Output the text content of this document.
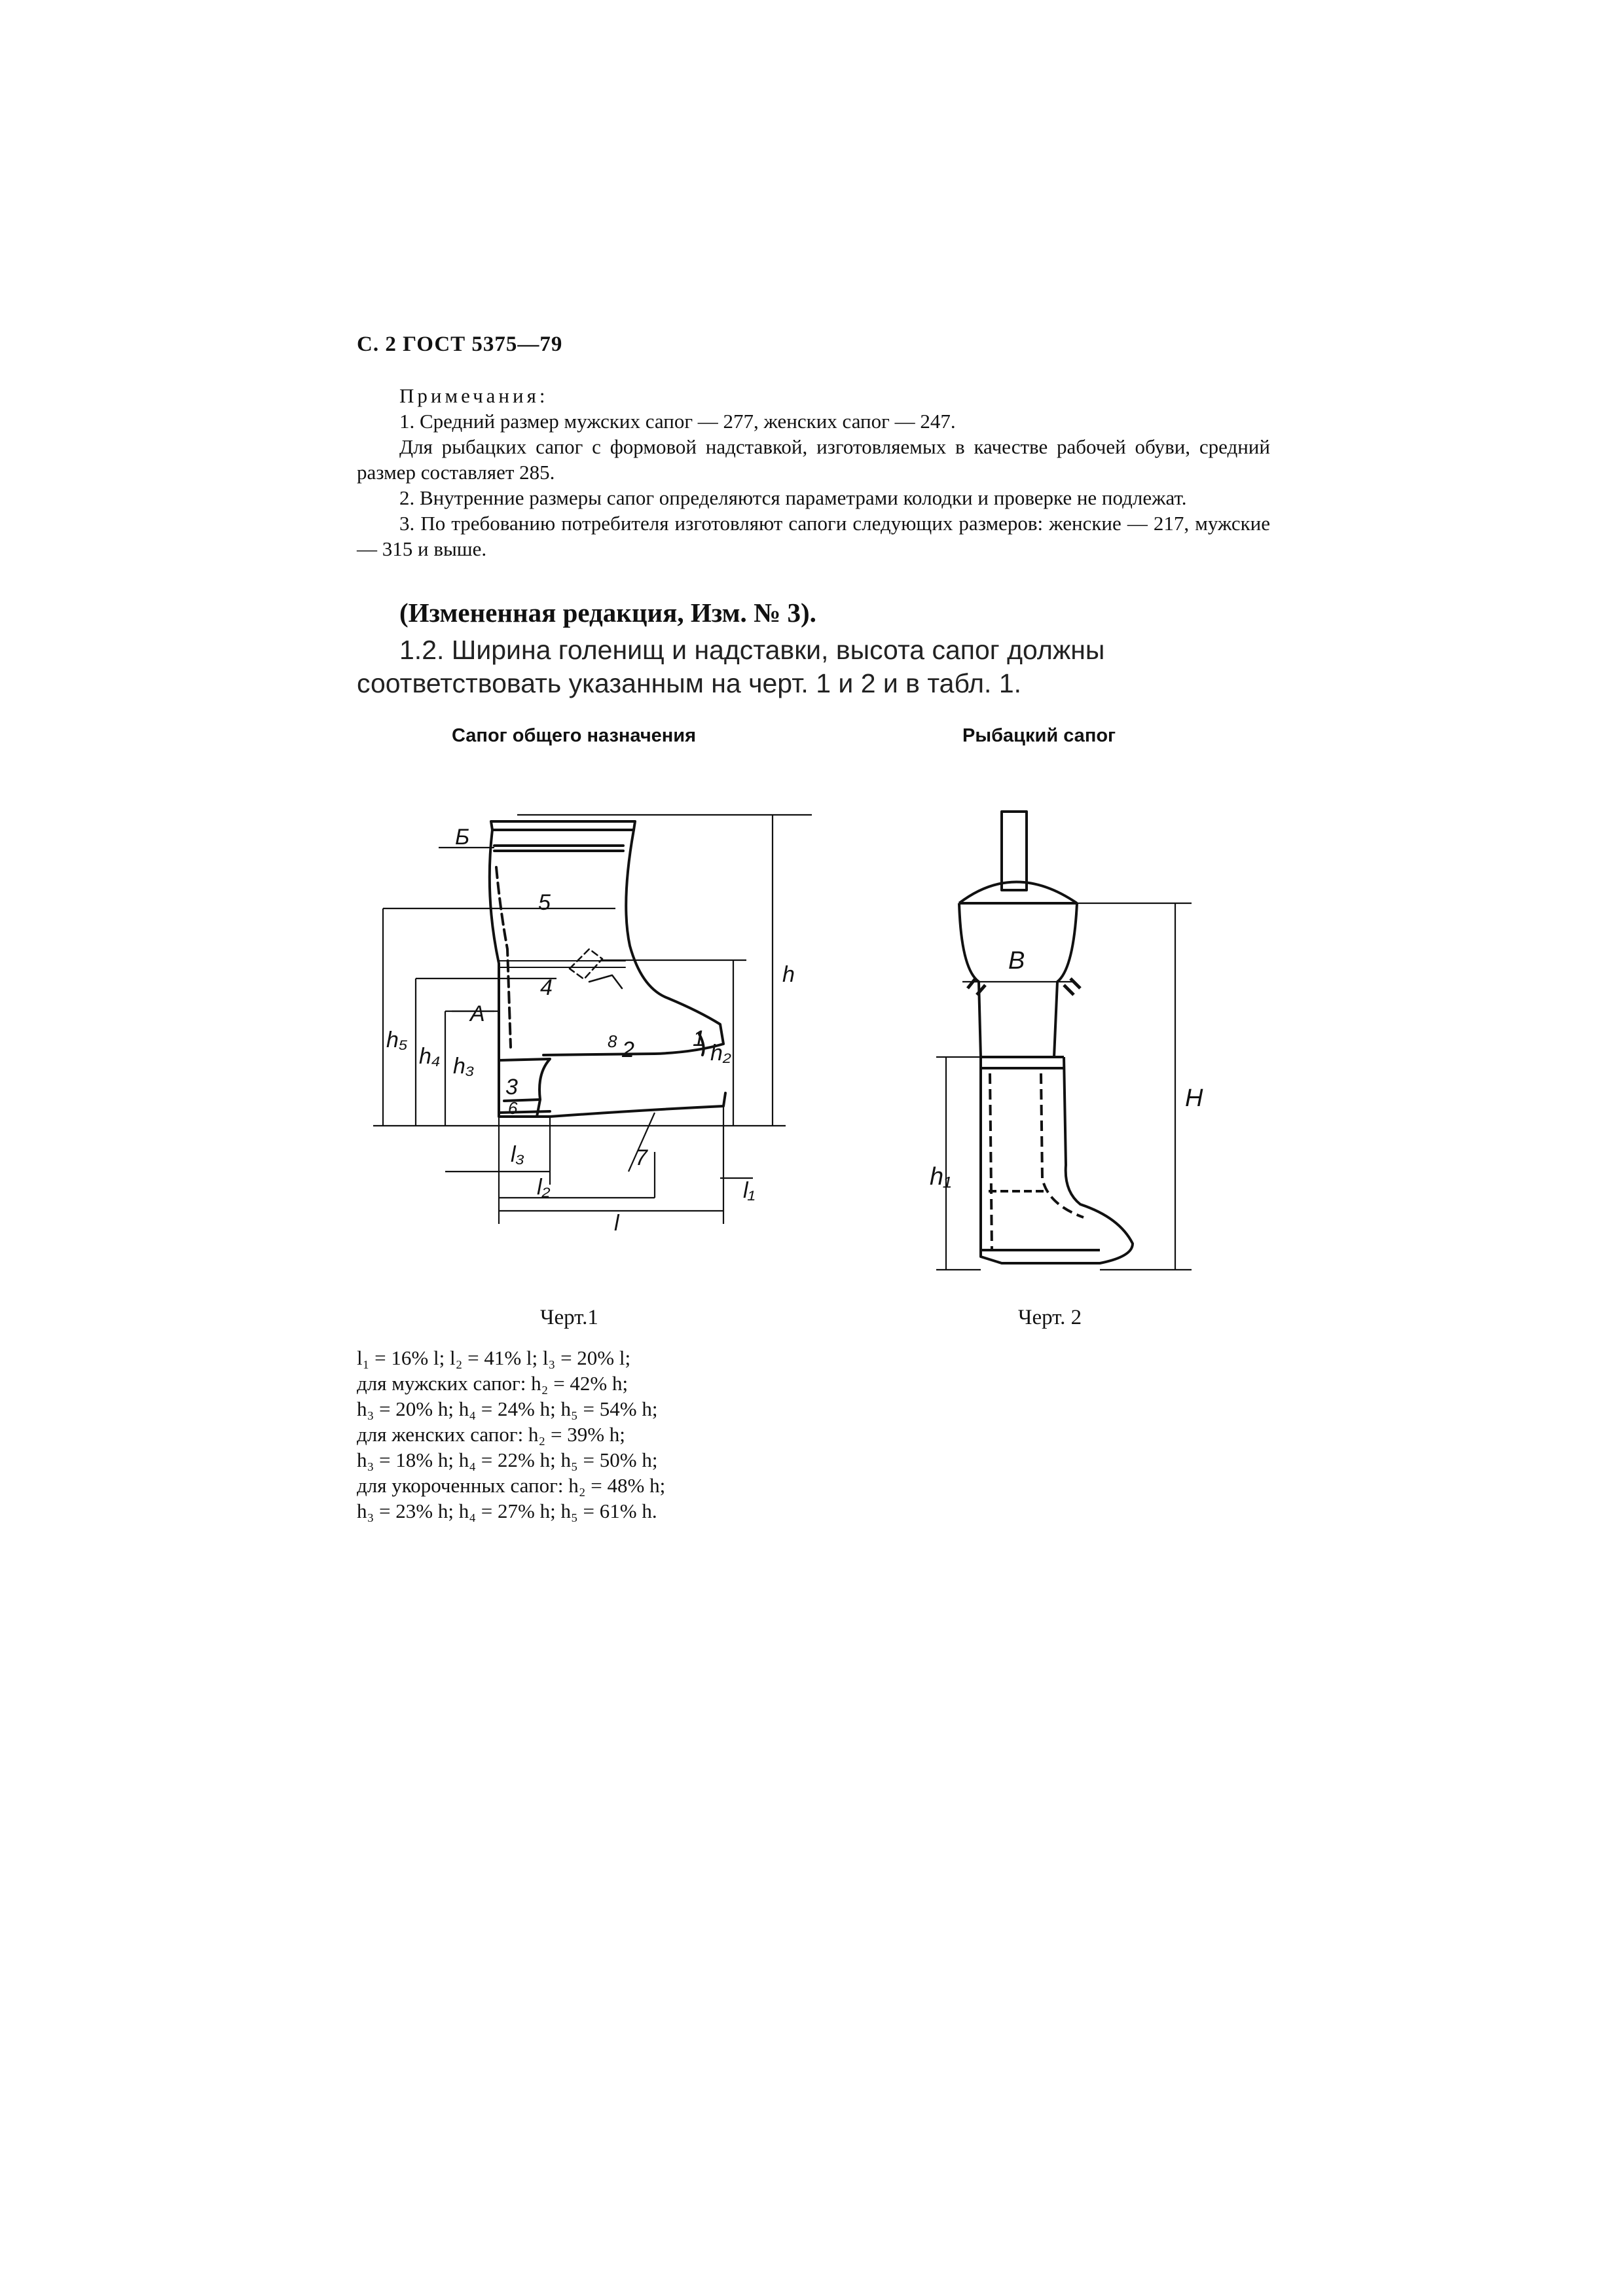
С. 2 ГОСТ 5375—79

Примечания:

1. Средний размер мужских сапог — 277, женских сапог — 247.

Для рыбацких сапог с формовой надставкой, изготовляемых в качестве рабочей обуви, средний размер составляет 285.

2. Внутренние размеры сапог определяются параметрами колодки и проверке не подлежат.

3. По требованию потребителя изготовляют сапоги следующих размеров: женские — 217, мужские — 315 и выше.

(Измененная редакция, Изм. № 3).

1.2. Ширина голенищ и надставки, высота сапог должны соответствовать указанным на черт. 1 и 2 и в табл. 1.

Сапог общего назначения	Рыбацкий сапог
Б
А
1
2
3
4
5
6
7
8
h
h₂
h₃
h₄
h₅
l
l₁
l₂
l₃
В
H
h₁
Черт.1	Черт. 2

l₁ = 16% l; l₂ = 41% l; l₃ = 20% l;

для мужских сапог: h₂ = 42% h;

h₃ = 20% h; h₄ = 24% h; h₅ = 54% h;

для женских сапог: h₂ = 39% h;

h₃ = 18% h; h₄ = 22% h; h₅ = 50% h;

для укороченных сапог: h₂ = 48% h;

h₃ = 23% h; h₄ = 27% h; h₅ = 61% h.
